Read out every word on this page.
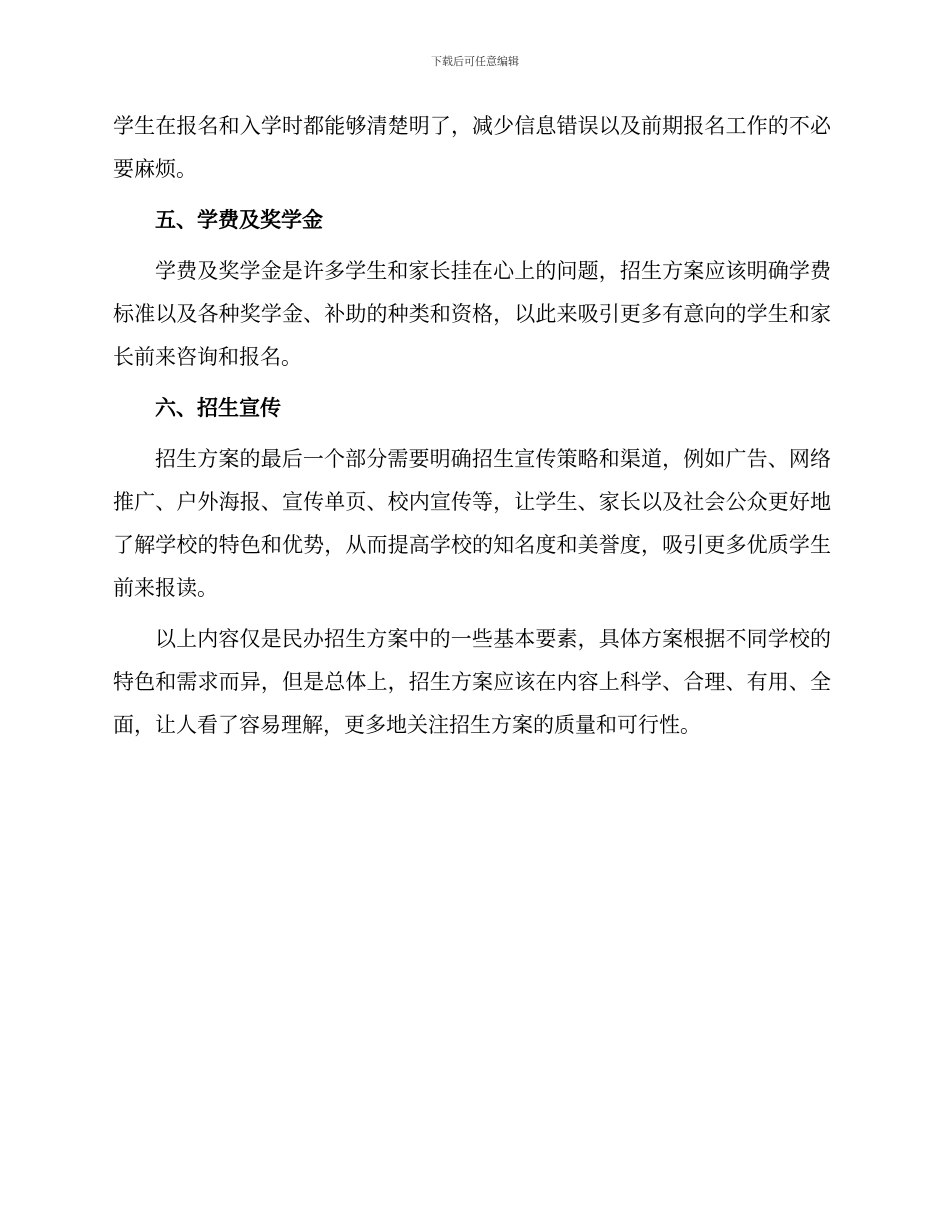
下载后可任意编辑

学生在报名和入学时都能够清楚明了，减少信息错误以及前期报名工作的不必要麻烦。

五、学费及奖学金

学费及奖学金是许多学生和家长挂在心上的问题，招生方案应该明确学费标准以及各种奖学金、补助的种类和资格，以此来吸引更多有意向的学生和家长前来咨询和报名。

六、招生宣传

招生方案的最后一个部分需要明确招生宣传策略和渠道，例如广告、网络推广、户外海报、宣传单页、校内宣传等，让学生、家长以及社会公众更好地了解学校的特色和优势，从而提高学校的知名度和美誉度，吸引更多优质学生前来报读。

以上内容仅是民办招生方案中的一些基本要素，具体方案根据不同学校的特色和需求而异，但是总体上，招生方案应该在内容上科学、合理、有用、全面，让人看了容易理解，更多地关注招生方案的质量和可行性。
